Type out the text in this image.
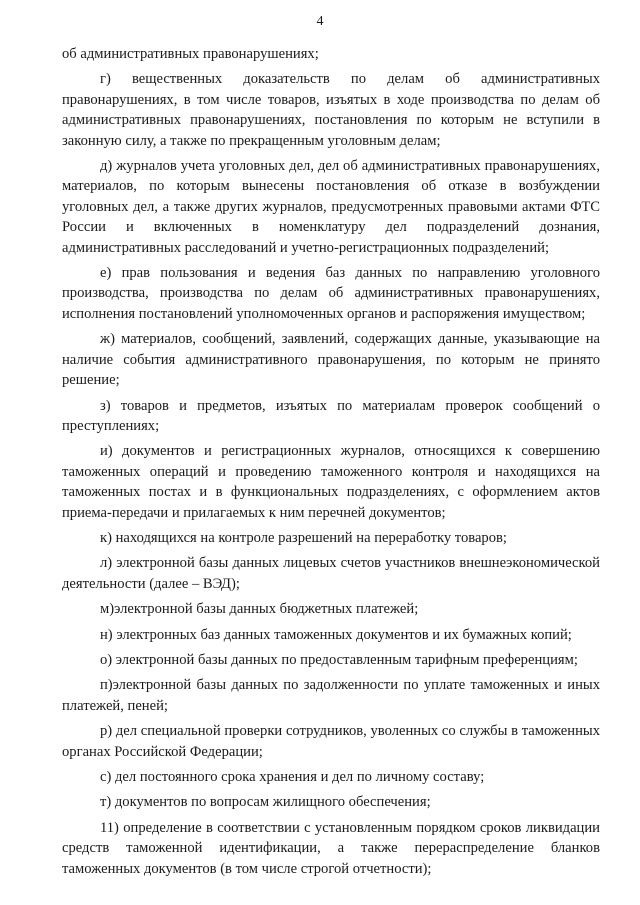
4

об административных правонарушениях;

г) вещественных доказательств по делам об административных правонарушениях, в том числе товаров, изъятых в ходе производства по делам об административных правонарушениях, постановления по которым не вступили в законную силу, а также по прекращенным уголовным делам;

д) журналов учета уголовных дел, дел об административных правонарушениях, материалов, по которым вынесены постановления об отказе в возбуждении уголовных дел, а также других журналов, предусмотренных правовыми актами ФТС России и включенных в номенклатуру дел подразделений дознания, административных расследований и учетно-регистрационных подразделений;

е) прав пользования и ведения баз данных по направлению уголовного производства, производства по делам об административных правонарушениях, исполнения постановлений уполномоченных органов и распоряжения имуществом;

ж) материалов, сообщений, заявлений, содержащих данные, указывающие на наличие события административного правонарушения, по которым не принято решение;

з) товаров и предметов, изъятых по материалам проверок сообщений о преступлениях;

и) документов и регистрационных журналов, относящихся к совершению таможенных операций и проведению таможенного контроля и находящихся на таможенных постах и в функциональных подразделениях, с оформлением актов приема-передачи и прилагаемых к ним перечней документов;

к) находящихся на контроле разрешений на переработку товаров;

л) электронной базы данных лицевых счетов участников внешнеэкономической деятельности (далее – ВЭД);

м)электронной базы данных бюджетных платежей;

н) электронных баз данных таможенных документов и их бумажных копий;

о) электронной базы данных по предоставленным тарифным преференциям;

п)электронной базы данных по задолженности по уплате таможенных и иных платежей, пеней;

р) дел специальной проверки сотрудников, уволенных со службы в таможенных органах Российской Федерации;

с) дел постоянного срока хранения и дел по личному составу;

т) документов по вопросам жилищного обеспечения;

11) определение в соответствии с установленным порядком сроков ликвидации средств таможенной идентификации, а также перераспределение бланков таможенных документов (в том числе строгой отчетности);
